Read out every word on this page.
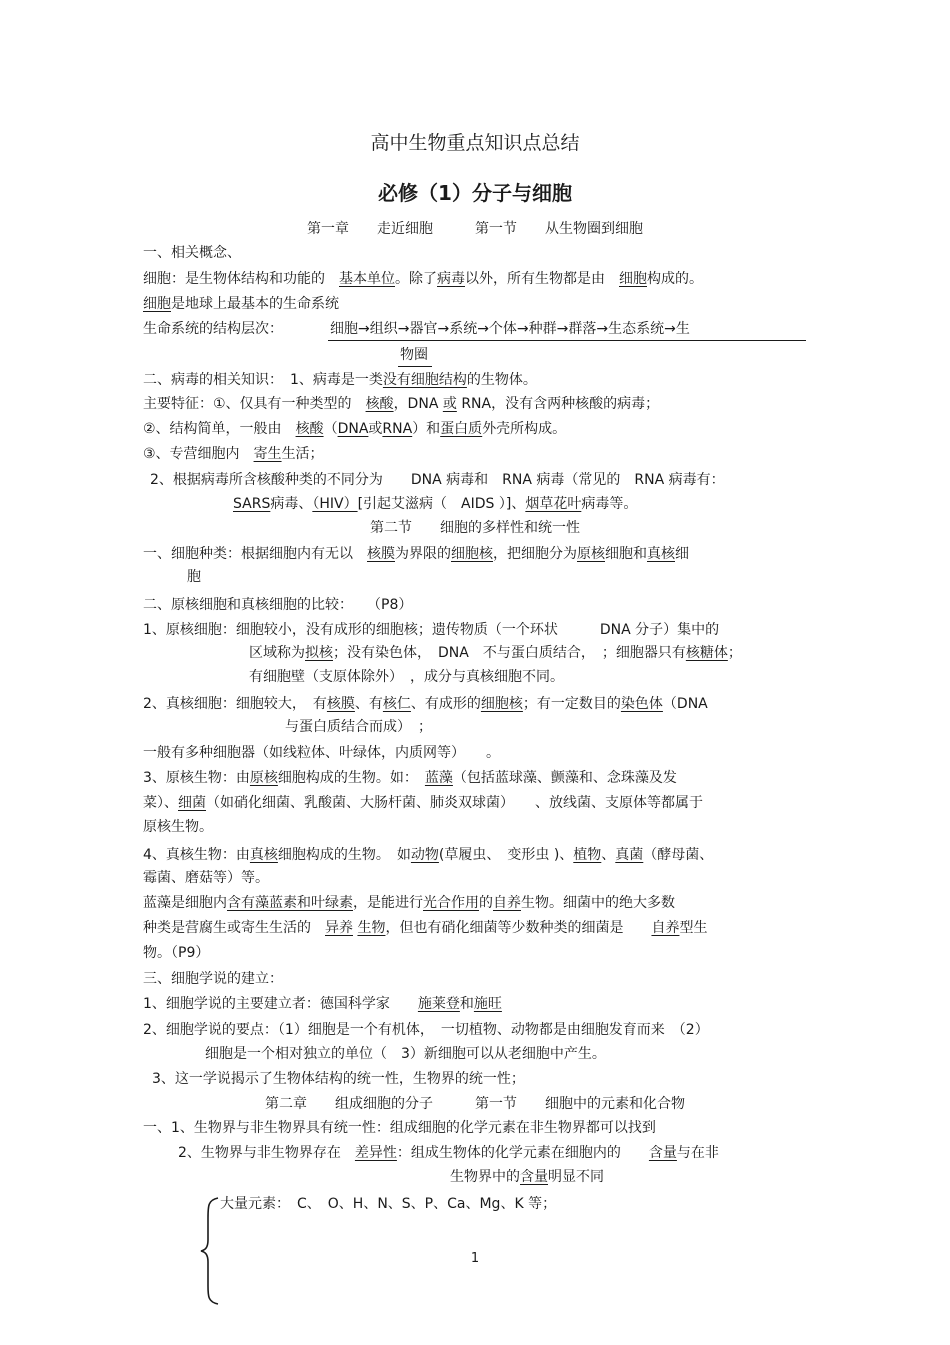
高中生物重点知识点总结
必修（1）分子与细胞
第一章　　走近细胞　　　第一节　　从生物圈到细胞
一、相关概念、
细胞：是生物体结构和功能的　基本单位。除了病毒以外，所有生物都是由　细胞构成的。
细胞是地球上最基本的生命系统
生命系统的结构层次：	细胞→组织→器官→系统→个体→种群→群落→生态系统→生
物圈
二、病毒的相关知识：　1、病毒是一类没有细胞结构的生物体。
主要特征：①、仅具有一种类型的　核酸，DNA 或 RNA，没有含两种核酸的病毒；
②、结构简单，一般由　核酸（DNA或RNA）和蛋白质外壳所构成。
③、专营细胞内　寄生生活；
2、根据病毒所含核酸种类的不同分为　　DNA 病毒和　RNA 病毒（常见的　RNA 病毒有：
SARS病毒、（HIV）[引起艾滋病（　AIDS ）]、烟草花叶病毒等。
第二节　　细胞的多样性和统一性
一、细胞种类：根据细胞内有无以　核膜为界限的细胞核，把细胞分为原核细胞和真核细
胞
二、原核细胞和真核细胞的比较：　　（P8）
1、原核细胞：细胞较小，没有成形的细胞核；遗传物质（一个环状　　　DNA 分子）集中的
区域称为拟核；没有染色体，　DNA　不与蛋白质结合，　；细胞器只有核糖体；
有细胞壁（支原体除外）　，成分与真核细胞不同。
2、真核细胞：细胞较大，　有核膜、有核仁、有成形的细胞核；有一定数目的染色体（DNA
与蛋白质结合而成）　；
一般有多种细胞器（如线粒体、叶绿体，内质网等）　　。
3、原核生物：由原核细胞构成的生物。如：　蓝藻（包括蓝球藻、颤藻和、念珠藻及发
菜）、细菌（如硝化细菌、乳酸菌、大肠杆菌、肺炎双球菌）　　、放线菌、支原体等都属于
原核生物。
4、真核生物：由真核细胞构成的生物。　如动物(草履虫、　变形虫 )、植物、真菌（酵母菌、
霉菌、磨菇等）等。
蓝藻是细胞内含有藻蓝素和叶绿素，是能进行光合作用的自养生物。细菌中的绝大多数
种类是营腐生或寄生生活的　异养 生物，但也有硝化细菌等少数种类的细菌是　　自养型生
物。（P9）
三、细胞学说的建立：
1、细胞学说的主要建立者：德国科学家　　施莱登和施旺
2、细胞学说的要点：（1）细胞是一个有机体，　一切植物、动物都是由细胞发育而来　（2）
细胞是一个相对独立的单位（　3）新细胞可以从老细胞中产生。
3、这一学说揭示了生物体结构的统一性，生物界的统一性；
第二章　　组成细胞的分子　　　第一节　　细胞中的元素和化合物
一、1、生物界与非生物界具有统一性：组成细胞的化学元素在非生物界都可以找到
2、生物界与非生物界存在　差异性：组成生物体的化学元素在细胞内的　　含量与在非
生物界中的含量明显不同
大量元素：　C、　O、H、N、S、P、Ca、Mg、K 等；
1
